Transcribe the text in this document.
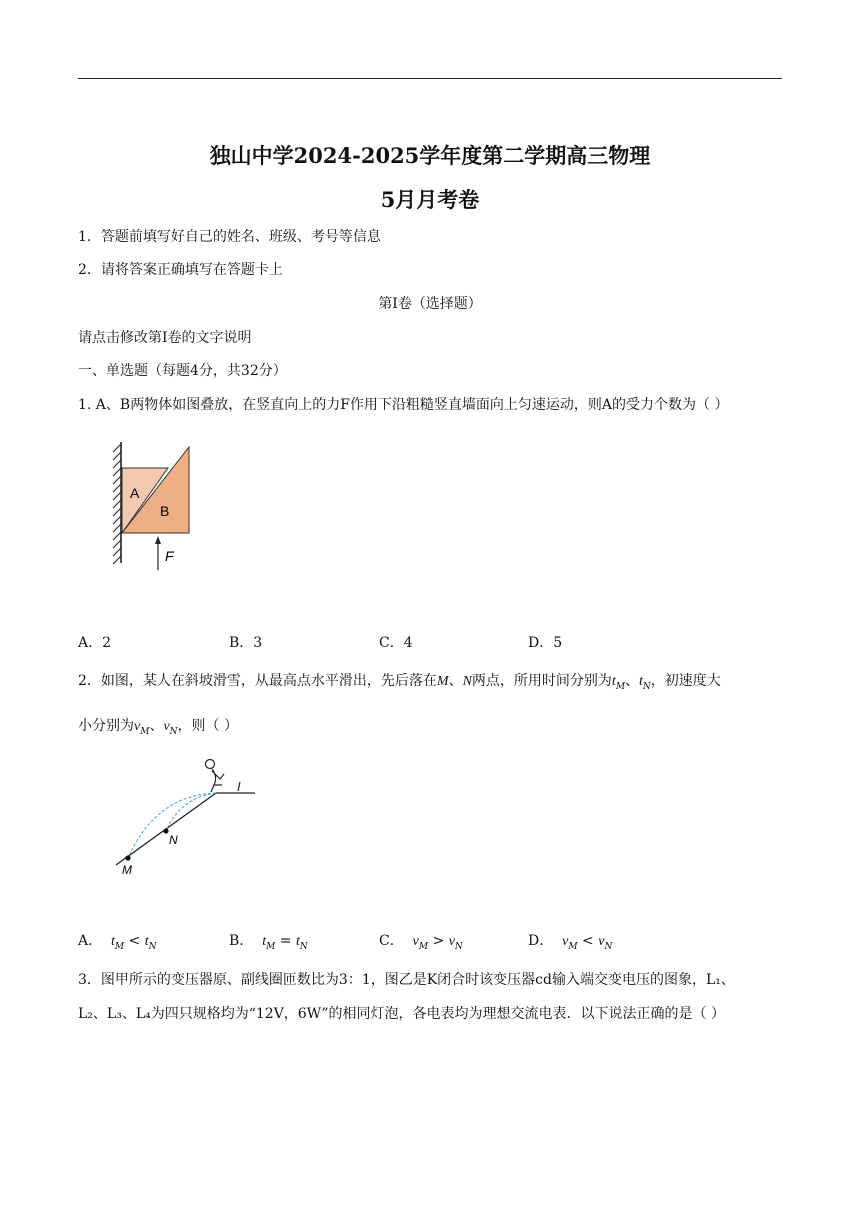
独山中学2024-2025学年度第二学期高三物理
5月月考卷
1．答题前填写好自己的姓名、班级、考号等信息
2．请将答案正确填写在答题卡上
第I卷（选择题）
请点击修改第I卷的文字说明
一、单选题（每题4分，共32分）
1. A、B两物体如图叠放，在竖直向上的力F作用下沿粗糙竖直墙面向上匀速运动，则A的受力个数为（ ）
A
B
F
A．2	B．3	C．4	D．5
2．如图，某人在斜坡滑雪，从最高点水平滑出，先后落在M、N两点，所用时间分别为$t_M$、$t_N$，初速度大
小分别为$v_M$、$v_N$，则（ ）
M
N
A． $t_M < t_N$	B． $t_M = t_N$	C． $v_M > v_N$	D． $v_M < v_N$
3．图甲所示的变压器原、副线圈匝数比为3：1，图乙是K闭合时该变压器cd输入端交变电压的图象，L₁、
L₂、L₃、L₄为四只规格均为“12V，6W”的相同灯泡，各电表均为理想交流电表．以下说法正确的是（ ）
